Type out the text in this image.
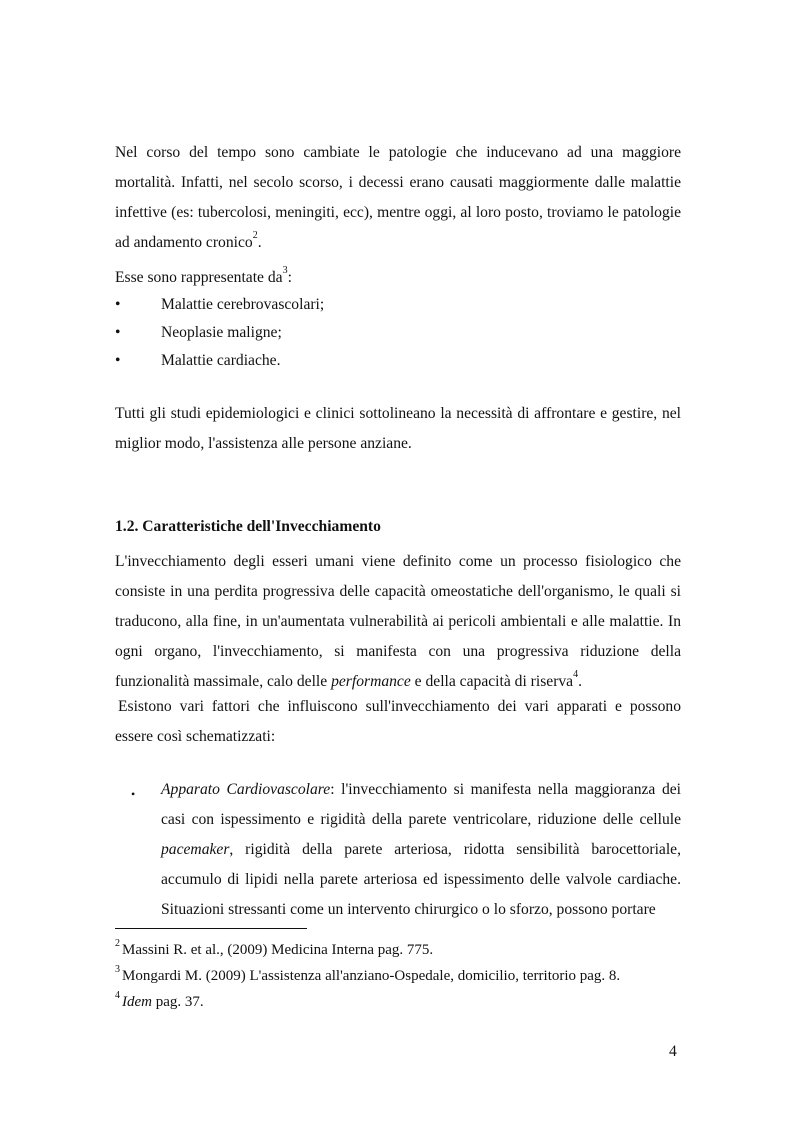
Nel corso del tempo sono cambiate le patologie che inducevano ad una maggiore mortalità. Infatti, nel secolo scorso, i decessi erano causati maggiormente dalle malattie infettive (es: tubercolosi, meningiti, ecc), mentre oggi, al loro posto, troviamo le patologie ad andamento cronico$^2$.

Esse sono rappresentate $da^3$:

•	Malattie cerebrovascolari;
•	Neoplasie maligne;
•	Malattie cardiache.

Tutti gli studi epidemiologici e clinici sottolineano la necessità di affrontare e gestire, nel miglior modo, l'assistenza alle persone anziane.

1.2. Caratteristiche dell'Invecchiamento

L'invecchiamento degli esseri umani viene definito come un processo fisiologico che consiste in una perdita progressiva delle capacità omeostatiche dell'organismo, le quali si traducono, alla fine, in un'aumentata vulnerabilità ai pericoli ambientali e alle malattie. In ogni organo, l'invecchiamento, si manifesta con una progressiva riduzione della funzionalità massimale, calo delle performance e della capacità di riserva$^4$.

Esistono vari fattori che influiscono sull'invecchiamento dei vari apparati e possono essere così schematizzati:

• Apparato Cardiovascolare: l'invecchiamento si manifesta nella maggioranza dei casi con ispessimento e rigidità della parete ventricolare, riduzione delle cellule pacemaker, rigidità della parete arteriosa, ridotta sensibilità barocettoriale, accumulo di lipidi nella parete arteriosa ed ispessimento delle valvole cardiache. Situazioni stressanti come un intervento chirurgico o lo sforzo, possono portare

$^2$ Massini R. et al., (2009) Medicina Interna pag. 775.
$^3$ Mongardi M. (2009) L'assistenza all'anziano-Ospedale, domicilio, territorio pag. 8.
$^4$ Idem pag. 37.
4
